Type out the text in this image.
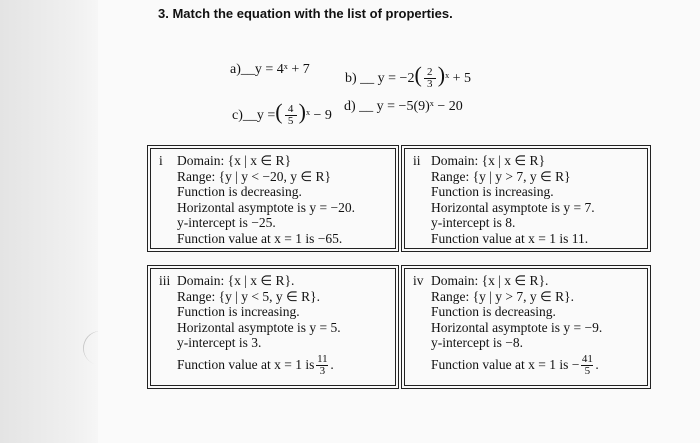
3. Match the equation with the list of properties.
a)__y = 4ˣ + 7
b) __ $y = -2( \frac{2}{3}$ )ˣ + 5
c)__y =( $\frac{4}{5}$ )ˣ − 9
d) __ y = −5(9)ˣ − 20
i	Domain: {x | x ∈ R}
Range: {y | y < −20, y ∈ R}
Function is decreasing.
Horizontal asymptote is y = −20.
y-intercept is −25.
Function value at x = 1 is −65.
ii Domain: {x | x ∈ R}
Range: {y | y > 7, y ∈ R}
Function is increasing.
Horizontal asymptote is y = 7.
y-intercept is 8.
Function value at x = 1 is 11.
iii Domain: {x | x ∈ R}.
Range: {y | y < 5, y ∈ R}.
Function is increasing.
Horizontal asymptote is y = 5.
y-intercept is 3.
Function value at x = 1 is $\frac{11}{3}$ .
iv Domain: {x | x ∈ R}.
Range: {y | y > 7, y ∈ R}.
Function is decreasing.
Horizontal asymptote is y = −9.
y-intercept is −8.
Function value at x = 1 is − $\frac{41}{5}$ .
